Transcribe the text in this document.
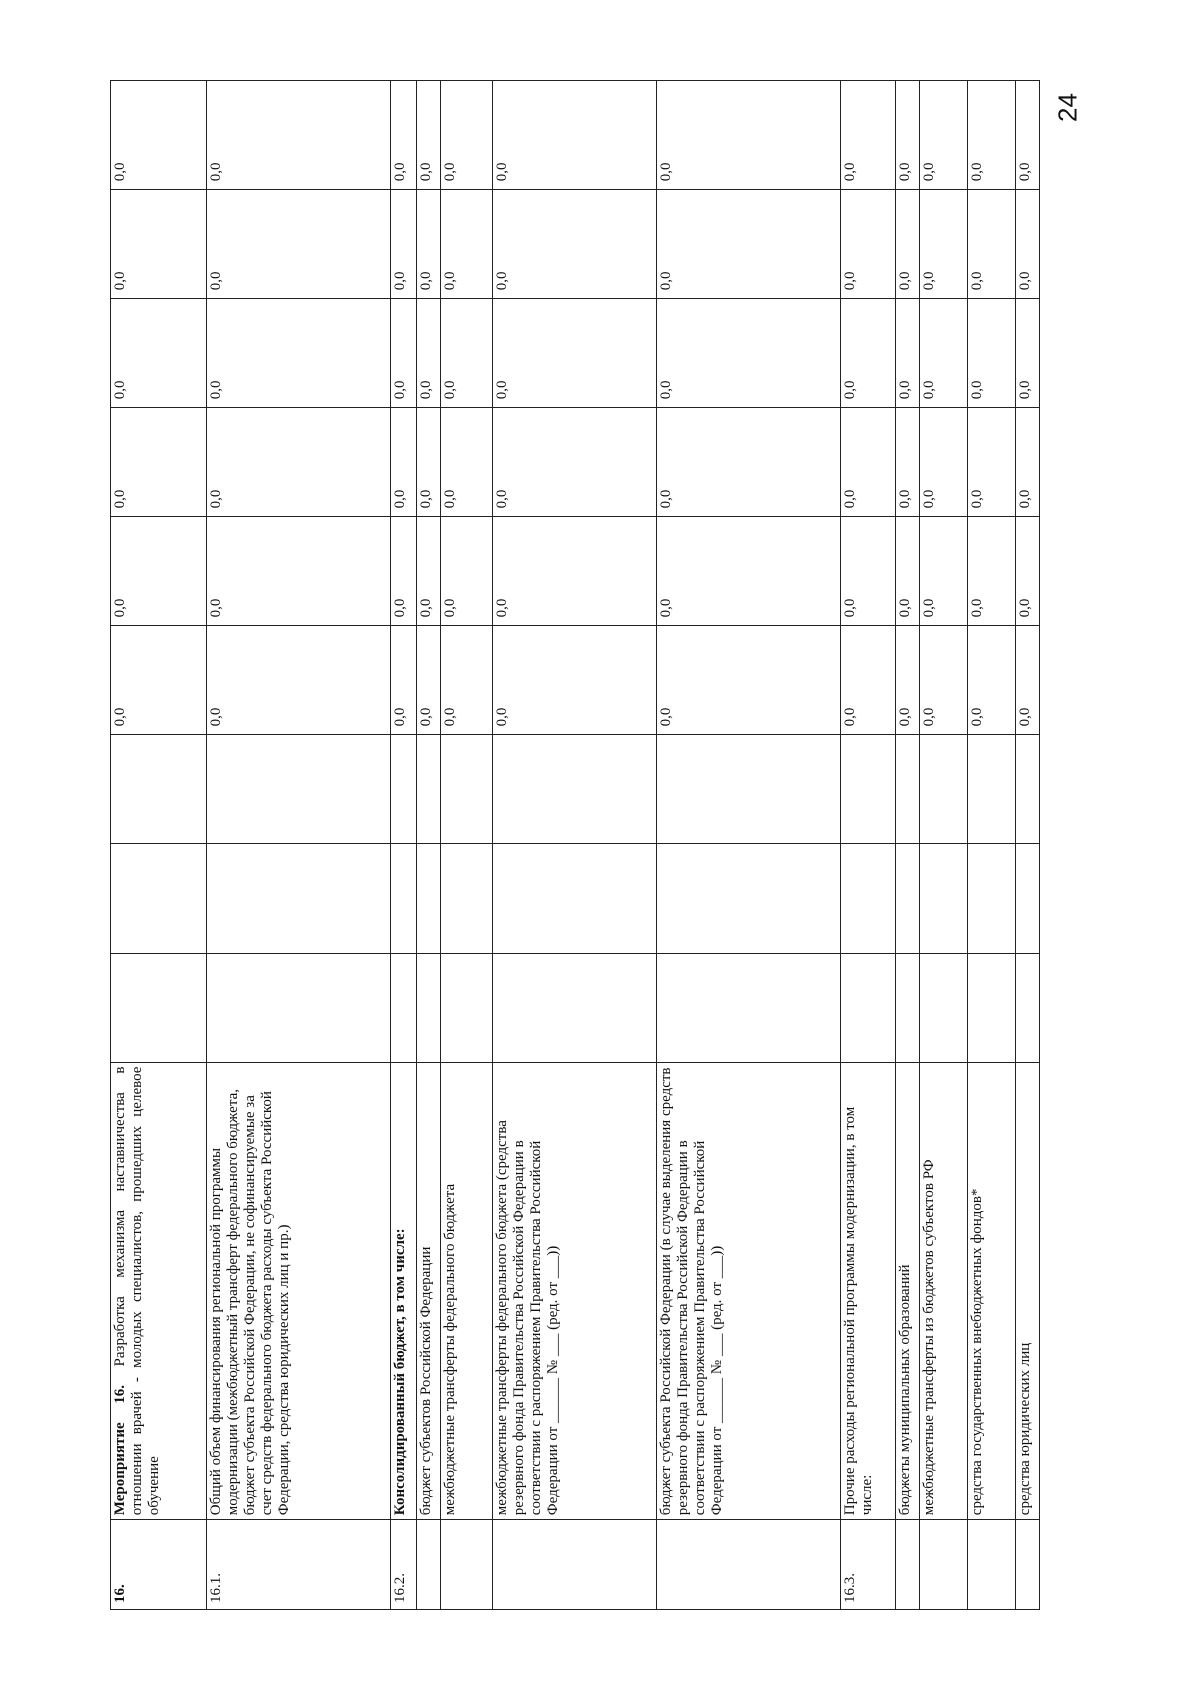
24
16.	Мероприятие 16. Разработка механизма наставничества в отношении врачей - молодых специалистов, прошедших целевое обучение				0,0	0,0	0,0	0,0	0,0	0,0
16.1.	Общий объем финансирования региональной программы модернизации (межбюджетный трансферт федерального бюджета, бюджет субъекта Российской Федерации, не софинансируемые за счет средств федерального бюджета расходы субъекта Российской Федерации, средства юридических лиц и пр.)				0,0	0,0	0,0	0,0	0,0	0,0
16.2.	Консолидированный бюджет, в том числе:				0,0	0,0	0,0	0,0	0,0	0,0
	бюджет субъектов Российской Федерации				0,0	0,0	0,0	0,0	0,0	0,0
	межбюджетные трансферты федерального бюджета				0,0	0,0	0,0	0,0	0,0	0,0
	межбюджетные трансферты федерального бюджета (средства резервного фонда Правительства Российской Федерации в соответствии с распоряжением Правительства Российской Федерации от ______ № ___ (ред. от ___))				0,0	0,0	0,0	0,0	0,0	0,0
	бюджет субъекта Российской Федерации (в случае выделения средств резервного фонда Правительства Российской Федерации в соответствии с распоряжением Правительства Российской Федерации от ______ № ___ (ред. от ___))				0,0	0,0	0,0	0,0	0,0	0,0
16.3.	Прочие расходы региональной программы модернизации, в том числе:				0,0	0,0	0,0	0,0	0,0	0,0
	бюджеты муниципальных образований				0,0	0,0	0,0	0,0	0,0	0,0
	межбюджетные трансферты из бюджетов субъектов РФ				0,0	0,0	0,0	0,0	0,0	0,0
	средства государственных внебюджетных фондов*				0,0	0,0	0,0	0,0	0,0	0,0
	средства юридических лиц				0,0	0,0	0,0	0,0	0,0	0,0
